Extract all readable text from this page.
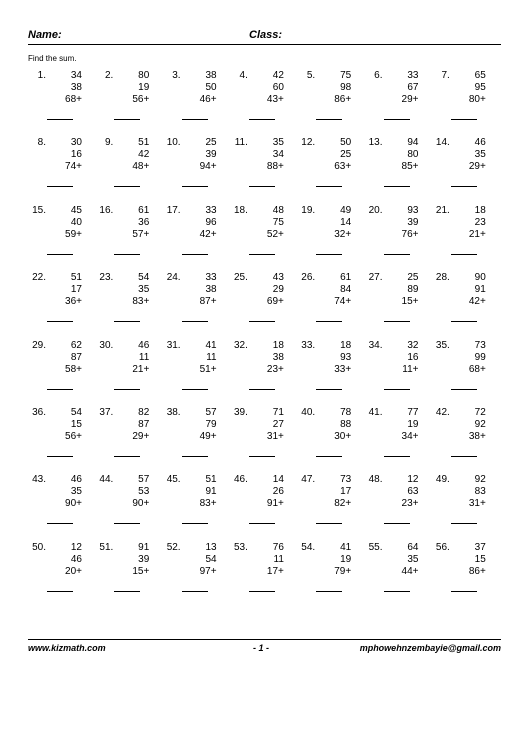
Name:	Class:
Find the sum.
1.	34
38
68+
2.	80
19
56+
3.	38
50
46+
4.	42
60
43+
5.	75
98
86+
6.	33
67
29+
7.	65
95
80+
8.	30
16
74+
9.	51
42
48+
10.	25
39
94+
11.	35
34
88+
12.	50
25
63+
13.	94
80
85+
14.	46
35
29+
15.	45
40
59+
16.	61
36
57+
17.	33
96
42+
18.	48
75
52+
19.	49
14
32+
20.	93
39
76+
21.	18
23
21+
22.	51
17
36+
23.	54
35
83+
24.	33
38
87+
25.	43
29
69+
26.	61
84
74+
27.	25
89
15+
28.	90
91
42+
29.	62
87
58+
30.	46
11
21+
31.	41
11
51+
32.	18
38
23+
33.	18
93
33+
34.	32
16
11+
35.	73
99
68+
36.	54
15
56+
37.	82
87
29+
38.	57
79
49+
39.	71
27
31+
40.	78
88
30+
41.	77
19
34+
42.	72
92
38+
43.	46
35
90+
44.	57
53
90+
45.	51
91
83+
46.	14
26
91+
47.	73
17
82+
48.	12
63
23+
49.	92
83
31+
50.	12
46
20+
51.	91
39
15+
52.	13
54
97+
53.	76
11
17+
54.	41
19
79+
55.	64
35
44+
56.	37
15
86+
www.kizmath.com	- 1 -	mphowehnzembayie@gmail.com
